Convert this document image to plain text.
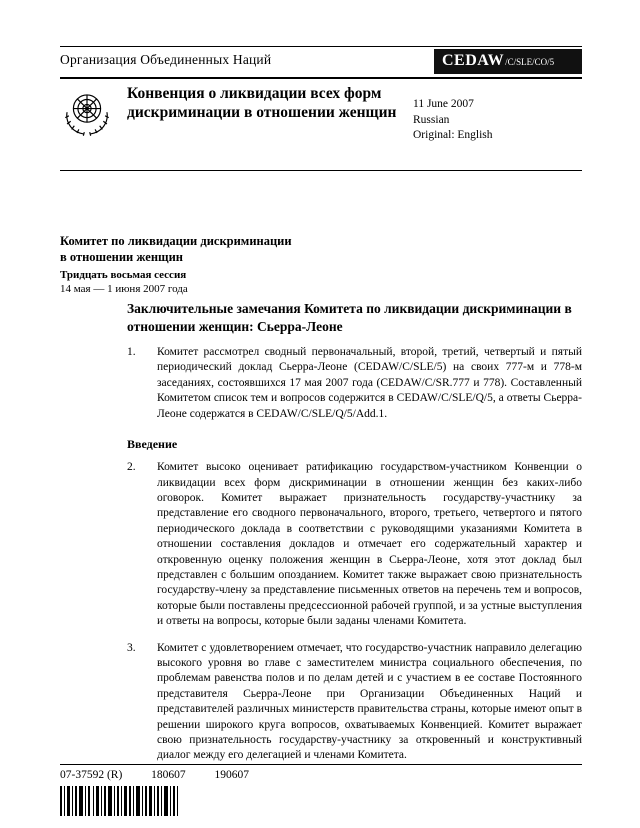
Организация Объединенных Наций	CEDAW /C/SLE/CO/5
Конвенция о ликвидации всех форм дискриминации в отношении женщин
11 June 2007
Russian
Original: English
Комитет по ликвидации дискриминации
в отношении женщин
Тридцать восьмая сессия
14 мая — 1 июня 2007 года
Заключительные замечания Комитета по ликвидации дискриминации в отношении женщин: Сьерра-Леоне
1.	Комитет рассмотрел сводный первоначальный, второй, третий, четвертый и пятый периодический доклад Сьерра-Леоне (CEDAW/C/SLE/5) на своих 777-м и 778-м заседаниях, состоявшихся 17 мая 2007 года (CEDAW/C/SR.777 и 778). Составленный Комитетом список тем и вопросов содержится в CEDAW/C/SLE/Q/5, а ответы Сьерра-Леоне содержатся в CEDAW/C/SLE/Q/5/Add.1.
Введение
2.	Комитет высоко оценивает ратификацию государством-участником Конвенции о ликвидации всех форм дискриминации в отношении женщин без каких-либо оговорок. Комитет выражает признательность государству-участнику за представление его сводного первоначального, второго, третьего, четвертого и пятого периодического доклада в соответствии с руководящими указаниями Комитета в отношении составления докладов и отмечает его содержательный характер и откровенную оценку положения женщин в Сьерра-Леоне, хотя этот доклад был представлен с большим опозданием. Комитет также выражает свою признательность государству-члену за представление письменных ответов на перечень тем и вопросов, которые были поставлены предсессионной рабочей группой, и за устные выступления и ответы на вопросы, которые были заданы членами Комитета.
3.	Комитет с удовлетворением отмечает, что государство-участник направило делегацию высокого уровня во главе с заместителем министра социального обеспечения, по проблемам равенства полов и по делам детей и с участием в ее составе Постоянного представителя Сьерра-Леоне при Организации Объединенных Наций и представителей различных министерств правительства страны, которые имеют опыт в решении широкого круга вопросов, охватываемых Конвенцией. Комитет выражает свою признательность государству-участнику за откровенный и конструктивный диалог между его делегацией и членами Комитета.
07-37592 (R)	180607	190607
